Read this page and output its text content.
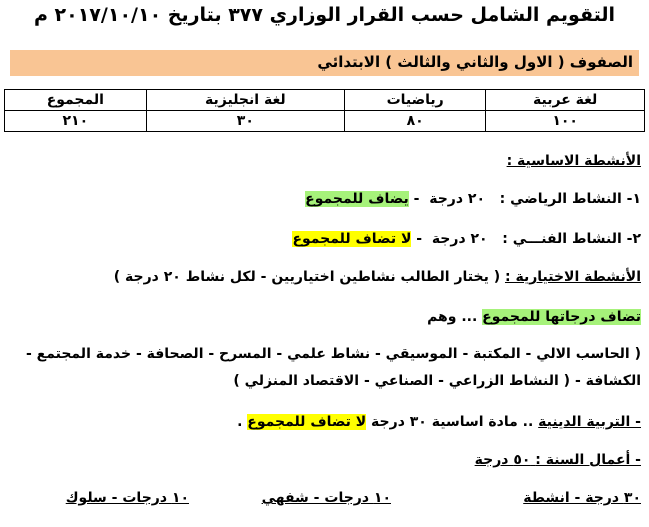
التقويم الشامل حسب القرار الوزاري ٣٧٧ بتاريخ ٢٠١٧/١٠/١٠ م
الصفوف ( الاول والثاني والثالث ) الابتدائي
لغة عربية	رياضيات	لغة انجليزية	المجموع
١٠٠	٨٠	٣٠	٢١٠
الأنشطة الاساسية :
١- النشاط الرياضي :   ٢٠ درجة  - يضاف للمجموع
٢- النشاط الفنـــي :   ٢٠ درجة  - لا تضاف للمجموع
الأنشطة الاختيارية : ( يختار الطالب نشاطين اختياريين - لكل نشاط ٢٠ درجة )
تضاف درجاتها للمجموع ... وهم
( الحاسب الالي - المكتبة - الموسيقي - نشاط علمي - المسرح - الصحافة - خدمة المجتمع -
الكشافة - ( النشاط الزراعي - الصناعي - الاقتصاد المنزلي )
- التربية الدينية .. مادة اساسية ٣٠ درجة لا تضاف للمجموع .
- أعمال السنة : ٥٠ درجة
٣٠ درجة - انشطة
١٠ درجات - شفهي
١٠ درجات - سلوك
